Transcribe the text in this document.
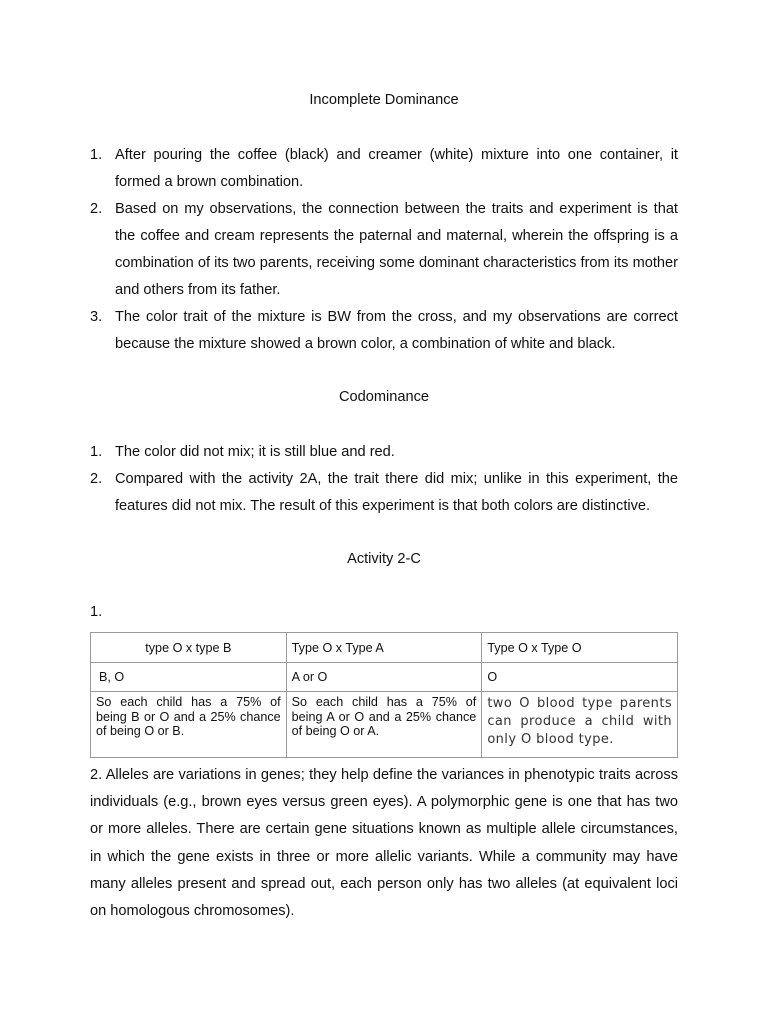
Incomplete Dominance
1. After pouring the coffee (black) and creamer (white) mixture into one container, it formed a brown combination.
2. Based on my observations, the connection between the traits and experiment is that the coffee and cream represents the paternal and maternal, wherein the offspring is a combination of its two parents, receiving some dominant characteristics from its mother and others from its father.
3. The color trait of the mixture is BW from the cross, and my observations are correct because the mixture showed a brown color, a combination of white and black.
Codominance
1. The color did not mix; it is still blue and red.
2. Compared with the activity 2A, the trait there did mix; unlike in this experiment, the features did not mix. The result of this experiment is that both colors are distinctive.
Activity 2-C
1.
type O x type B	Type O x Type A	Type O x Type O
B, O	A or O	O
So each child has a 75% of being B or O and a 25% chance of being O or B.	So each child has a 75% of being A or O and a 25% chance of being O or A.	two O blood type parents can produce a child with only O blood type.
2. Alleles are variations in genes; they help define the variances in phenotypic traits across individuals (e.g., brown eyes versus green eyes). A polymorphic gene is one that has two or more alleles. There are certain gene situations known as multiple allele circumstances, in which the gene exists in three or more allelic variants. While a community may have many alleles present and spread out, each person only has two alleles (at equivalent loci on homologous chromosomes).
